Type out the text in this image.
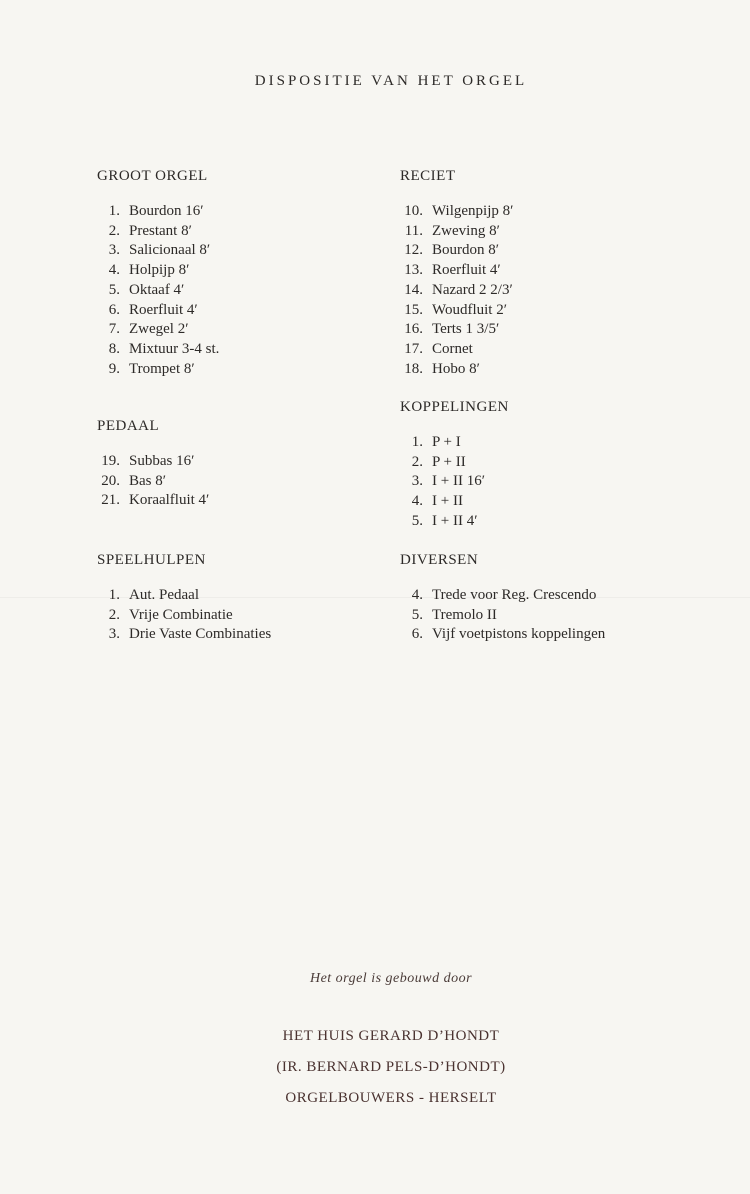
DISPOSITIE VAN HET ORGEL
GROOT ORGEL
1. Bourdon 16′
2. Prestant 8′
3. Salicionaal 8′
4. Holpijp 8′
5. Oktaaf 4′
6. Roerfluit 4′
7. Zwegel 2′
8. Mixtuur 3-4 st.
9. Trompet 8′
RECIET
10. Wilgenpijp 8′
11. Zweving 8′
12. Bourdon 8′
13. Roerfluit 4′
14. Nazard 2 2/3′
15. Woudfluit 2′
16. Terts 1 3/5′
17. Cornet
18. Hobo 8′
PEDAAL
19. Subbas 16′
20. Bas 8′
21. Koraalfluit 4′
KOPPELINGEN
1. P + I
2. P + II
3. I + II 16′
4. I + II
5. I + II 4′
SPEELHULPEN
1. Aut. Pedaal
2. Vrije Combinatie
3. Drie Vaste Combinaties
DIVERSEN
4. Trede voor Reg. Crescendo
5. Tremolo II
6. Vijf voetpistons koppelingen
Het orgel is gebouwd door
HET HUIS GERARD D’HONDT
(IR. BERNARD PELS-D’HONDT)
ORGELBOUWERS - HERSELT
